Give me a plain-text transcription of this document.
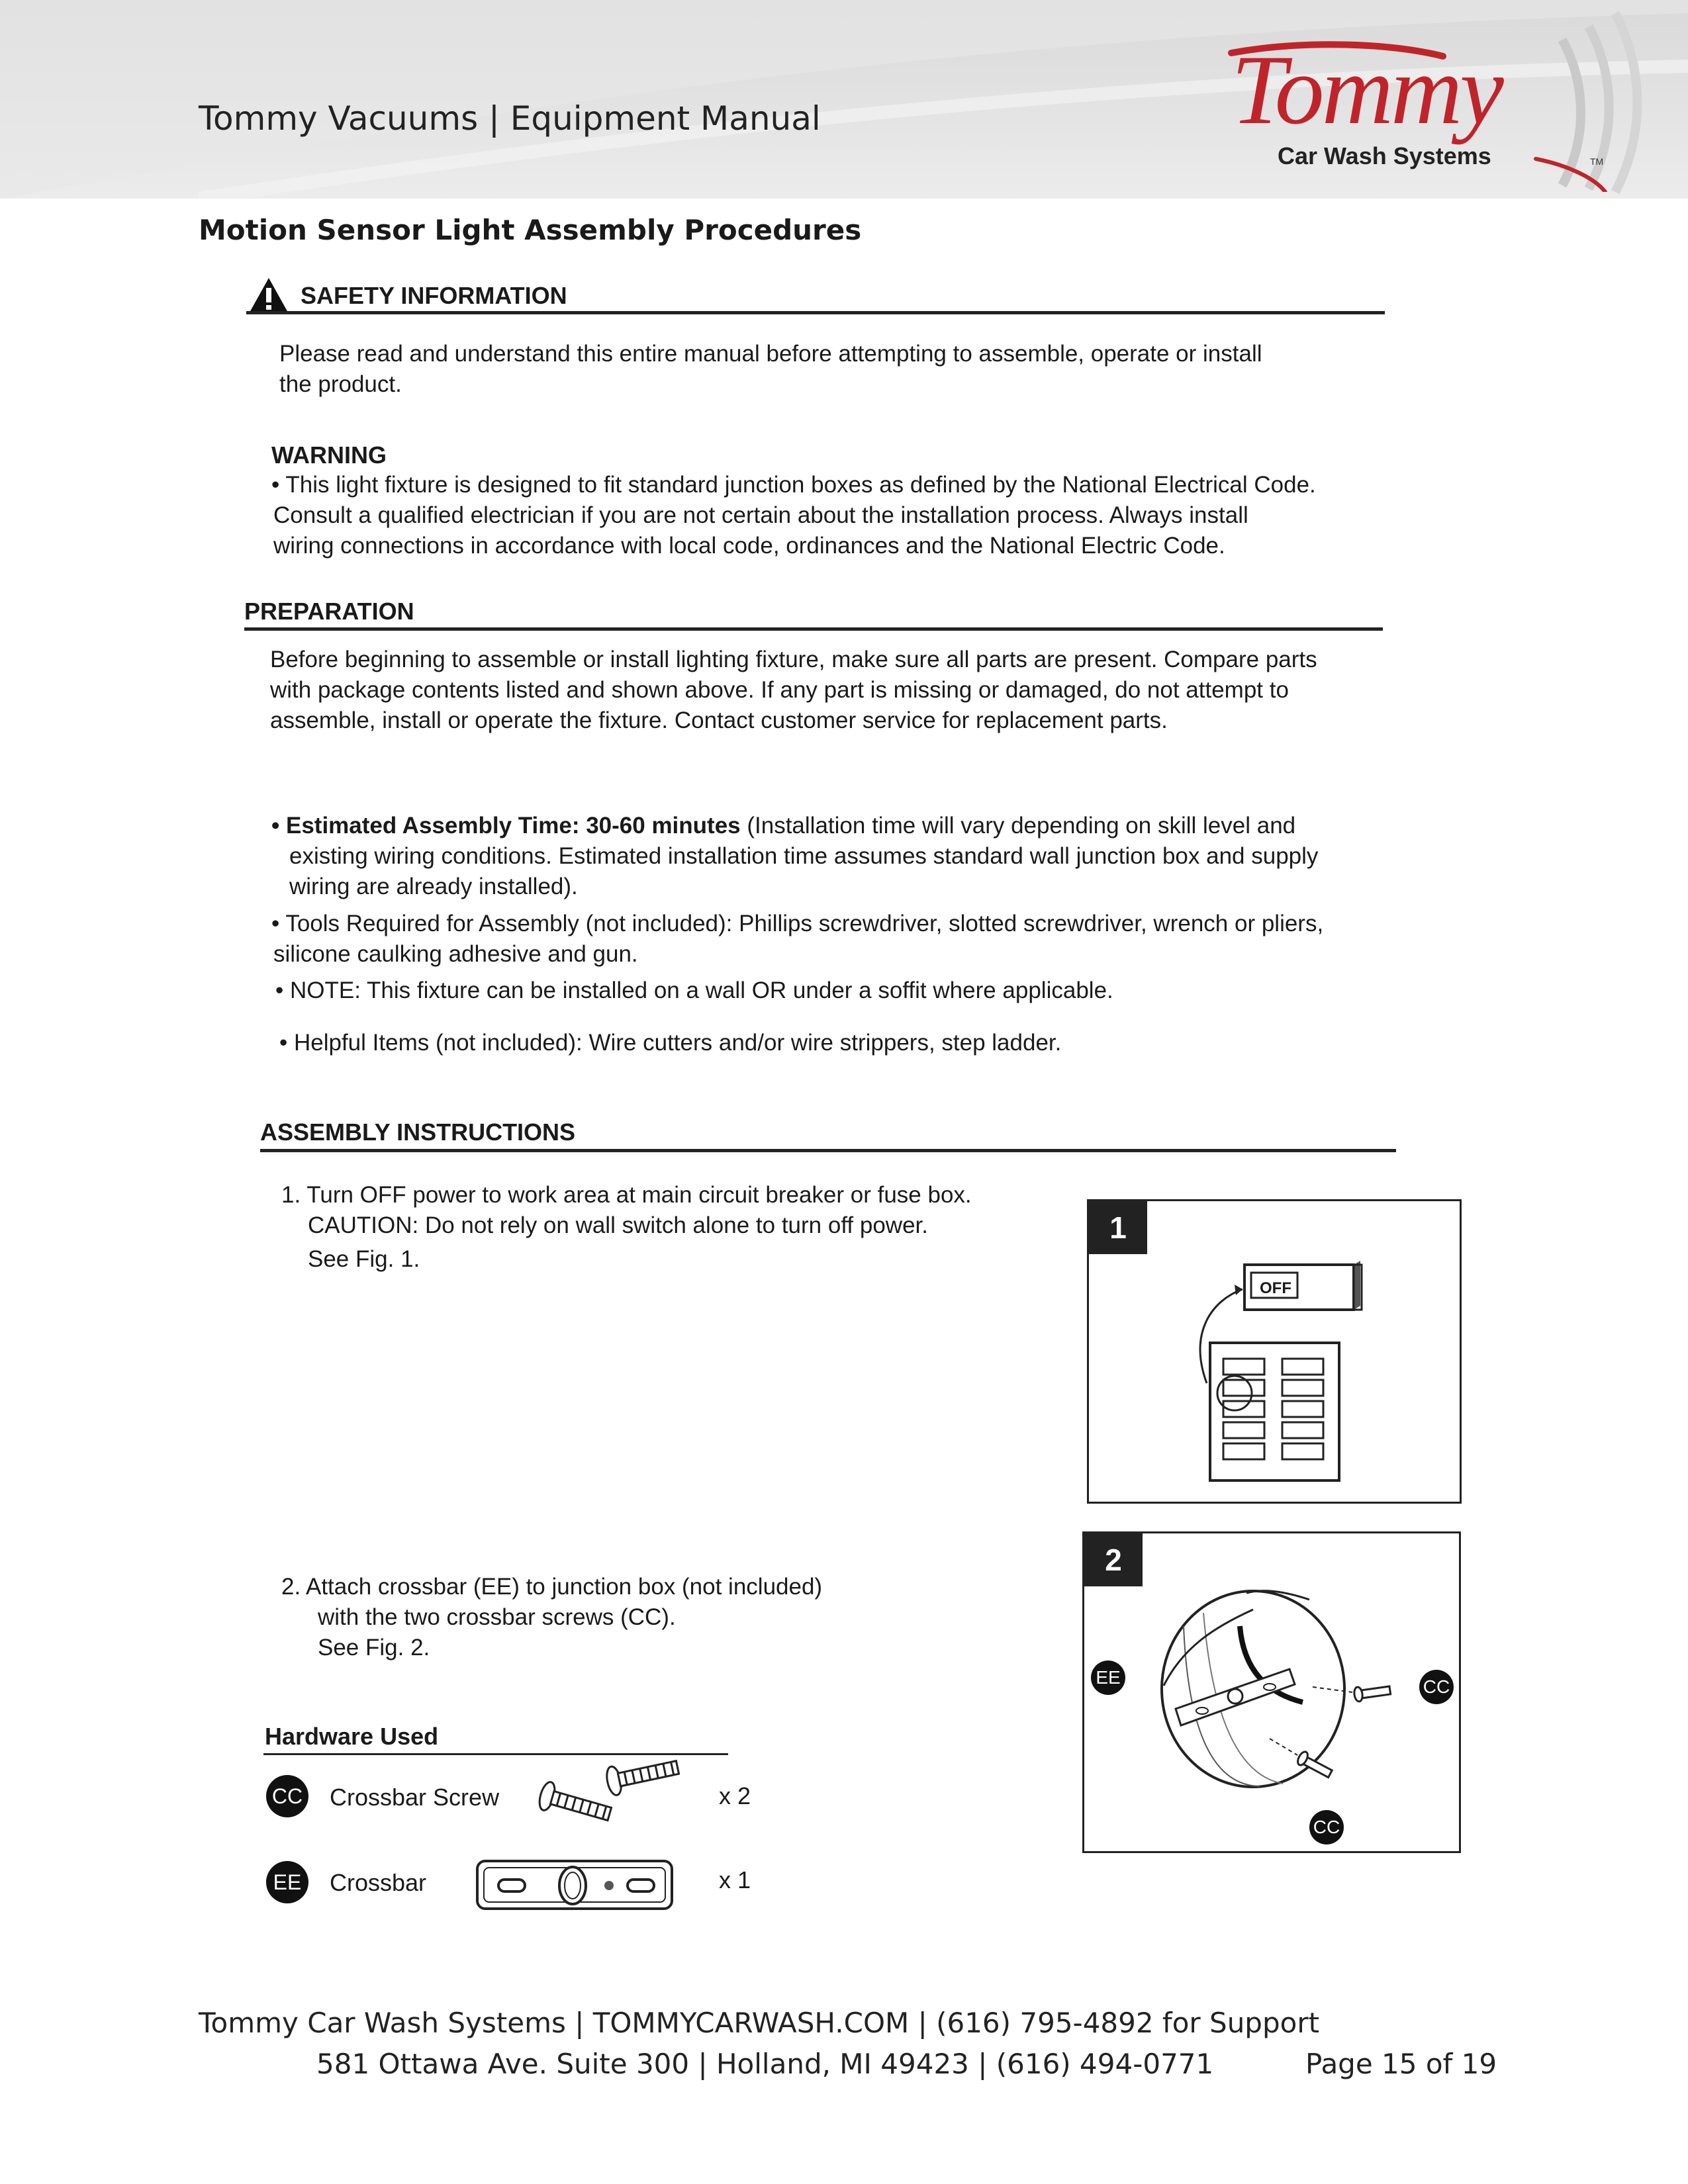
Tommy Vacuums | Equipment Manual	Tommy
Car Wash Systems	TM
Motion Sensor Light Assembly Procedures
SAFETY INFORMATION
Please read and understand this entire manual before attempting to assemble, operate or install
the product.
WARNING
• This light fixture is designed to fit standard junction boxes as defined by the National Electrical Code.
Consult a qualified electrician if you are not certain about the installation process. Always install
wiring connections in accordance with local code, ordinances and the National Electric Code.
PREPARATION
Before beginning to assemble or install lighting fixture, make sure all parts are present. Compare parts
with package contents listed and shown above. If any part is missing or damaged, do not attempt to
assemble, install or operate the fixture. Contact customer service for replacement parts.
• Estimated Assembly Time: 30-60 minutes (Installation time will vary depending on skill level and
existing wiring conditions. Estimated installation time assumes standard wall junction box and supply
wiring are already installed).
• Tools Required for Assembly (not included): Phillips screwdriver, slotted screwdriver, wrench or pliers,
silicone caulking adhesive and gun.
• NOTE: This fixture can be installed on a wall OR under a soffit where applicable.
• Helpful Items (not included): Wire cutters and/or wire strippers, step ladder.
ASSEMBLY INSTRUCTIONS
1. Turn OFF power to work area at main circuit breaker or fuse box.
CAUTION: Do not rely on wall switch alone to turn off power.
See Fig. 1.
1
OFF
2. Attach crossbar (EE) to junction box (not included)
with the two crossbar screws (CC).
See Fig. 2.
2
EE	CC
CC
Hardware Used
CC Crossbar Screw	x 2
EE Crossbar	x 1
Tommy Car Wash Systems | TOMMYCARWASH.COM | (616) 795-4892 for Support
581 Ottawa Ave. Suite 300 | Holland, MI 49423 | (616) 494-0771	Page 15 of 19
